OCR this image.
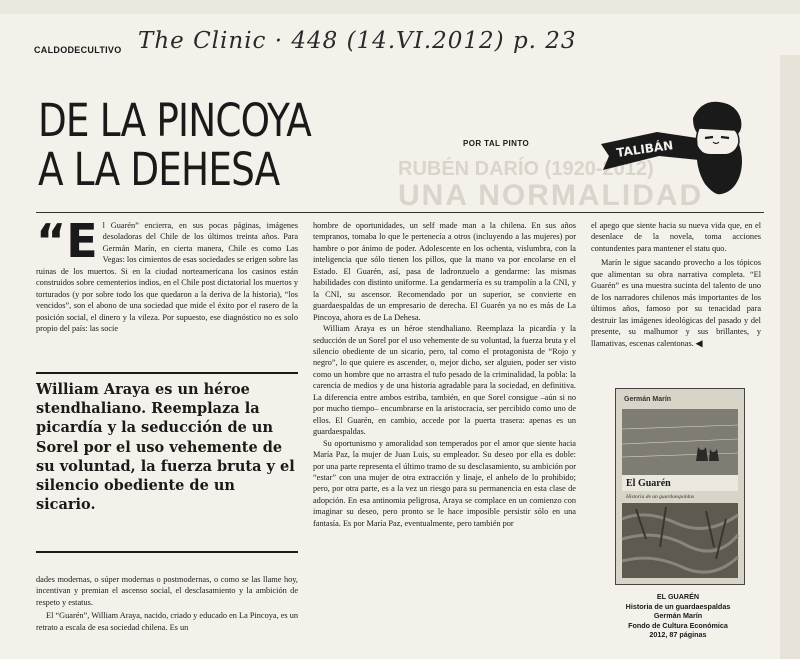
CALDODECULTIVO The Clinic · 448 (14.VI.2012) p. 23
RUBÉN DARÍO (1920-2012)
UNA NORMALIDAD
DE LA PINCOYA
A LA DEHESA	POR TAL PINTO	TALIBÁN
“E l Guarén” encierra, en sus pocas páginas, imágenes desoladoras del Chile de los últimos treinta años. Para Germán Marín, en cierta manera, Chile es como Las Vegas: los cimientos de esas sociedades se erigen sobre las ruinas de los muertos. Si en la ciudad norteamericana los casinos están construidos sobre cementerios indios, en el Chile post dictatorial los muertos y torturados (y por sobre todo los que quedaron a la deriva de la historia), “los vencidos”, son el abono de una sociedad que mide el éxito por el rasero de la posición social, el dinero y la vileza. Por supuesto, ese diagnóstico no es solo propio del país: las socie

William Araya es un héroe stendhaliano. Reemplaza la picardía y la seducción de un Sorel por el uso vehemente de su voluntad, la fuerza bruta y el silencio obediente de un sicario.

dades modernas, o súper modernas o postmodernas, o como se las llame hoy, incentivan y premian el ascenso social, el desclasamiento y la ambición de respeto y estatus.

El “Guarén”, William Araya, nacido, criado y educado en La Pincoya, es un retrato a escala de esa sociedad chilena. Es un

hombre de oportunidades, un self made man a la chilena. En sus años tempranos, tomaba lo que le pertenecía a otros (incluyendo a las mujeres) por hambre o por ánimo de poder. Adolescente en los ochenta, vislumbra, con la inteligencia que sólo tienen los pillos, que la mano va por encolarse en el Estado. El Guarén, así, pasa de ladronzuelo a gendarme: las mismas habilidades con distinto uniforme. La gendarmería es su trampolín a la CNI, y la CNI, su ascensor. Recomendado por un superior, se convierte en guardaespaldas de un empresario de derecha. El Guarén ya no es más de La Pincoya, ahora es de La Dehesa.

William Araya es un héroe stendhaliano. Reemplaza la picardía y la seducción de un Sorel por el uso vehemente de su voluntad, la fuerza bruta y el silencio obediente de un sicario, pero, tal como el protagonista de “Rojo y negro”, lo que quiere es ascender, o, mejor dicho, ser alguien, poder ser visto como un hombre que no arrastra el tufo pesado de la criminalidad, la pobla: la carencia de medios y de una historia agradable para la sociedad, en definitiva. La diferencia entre ambos estriba, también, en que Sorel consigue –aún si no por mucho tiempo– encumbrarse en la aristocracia, ser percibido como uno de ellos. El Guarén, en cambio, accede por la puerta trasera: apenas es un guardaespaldas.

Su oportunismo y amoralidad son temperados por el amor que siente hacia María Paz, la mujer de Juan Luis, su empleador. Su deseo por ella es doble: por una parte representa el último tramo de su desclasamiento, su ambición por “estar” con una mujer de otra extracción y linaje, el anhelo de lo prohibido; pero, por otra parte, es a la vez un riesgo para su permanencia en esta clase de adopción. En esa antinomia peligrosa, Araya se complace en un comienzo con imaginar su deseo, pero pronto se le hace imposible persistir sólo en una fantasía. Es por María Paz, eventualmente, pero también por

el apego que siente hacia su nueva vida que, en el desenlace de la novela, toma acciones contundentes para mantener el statu quo.

Marín le sigue sacando provecho a los tópicos que alimentan su obra narrativa completa. “El Guarén” es una muestra sucinta del talento de uno de los narradores chilenos más importantes de los últimos años, famoso por su tenacidad para destruir las imágenes ideológicas del pasado y del presente, su malhumor y sus brillantes, y llamativas, escenas calentonas. ◀

Germán Marín
El Guarén
Historia de un guardaespaldas
EL GUARÉN
Historia de un guardaespaldas
Germán Marín
Fondo de Cultura Económica
2012, 87 páginas
